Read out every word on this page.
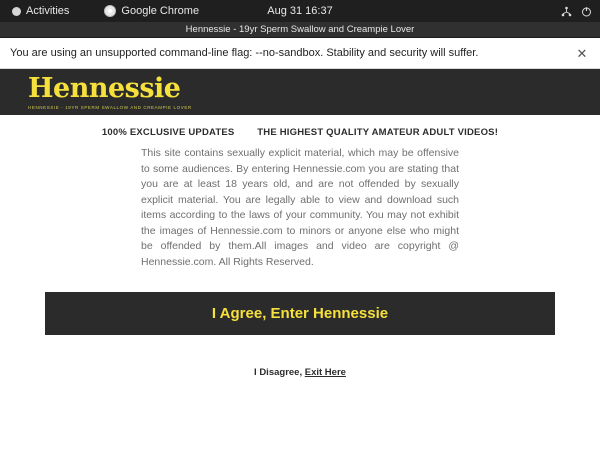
Activities	Google Chrome	Aug 31 16:37
Hennessie - 19yr Sperm Swallow and Creampie Lover
You are using an unsupported command-line flag: --no-sandbox. Stability and security will suffer.	✕
Hennessie
HENNESSIE - 19YR SPERM SWALLOW AND CREAMPIE LOVER
100% EXCLUSIVE UPDATES THE HIGHEST QUALITY AMATEUR ADULT VIDEOS!
This site contains sexually explicit material, which may be offensive to some audiences. By entering Hennessie.com you are stating that you are at least 18 years old, and are not offended by sexually explicit material. You are legally able to view and download such items according to the laws of your community. You may not exhibit the images of Hennessie.com to minors or anyone else who might be offended by them.All images and video are copyright @ Hennessie.com. All Rights Reserved.
I Agree, Enter Hennessie
I Disagree, Exit Here
